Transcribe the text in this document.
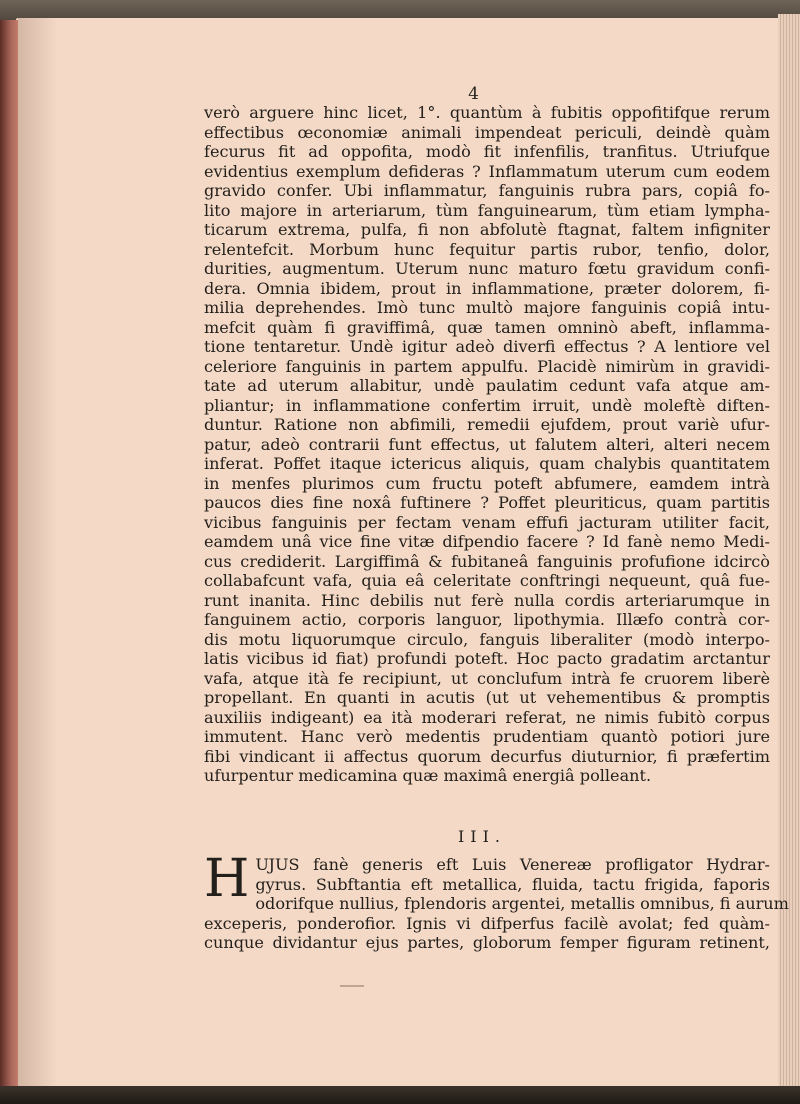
4
verò arguere hinc licet, 1°. quantùm à fubitis oppofitifque rerum
effectibus œconomiæ animali impendeat periculi, deindè quàm
fecurus fit ad oppofita, modò fit infenfilis, tranfitus. Utriufque
evidentius exemplum defideras ? Inflammatum uterum cum eodem
gravido confer. Ubi inflammatur, fanguinis rubra pars, copiâ fo-
lito majore in arteriarum, tùm fanguinearum, tùm etiam lympha-
ticarum extrema, pulfa, fi non abfolutè ftagnat, faltem infigniter
relentefcit. Morbum hunc fequitur partis rubor, tenfio, dolor,
durities, augmentum. Uterum nunc maturo fœtu gravidum confi-
dera. Omnia ibidem, prout in inflammatione, præter dolorem, fi-
milia deprehendes. Imò tunc multò majore fanguinis copiâ intu-
mefcit quàm fi graviffimâ, quæ tamen omninò abeft, inflamma-
tione tentaretur. Undè igitur adeò diverfi effectus ? A lentiore vel
celeriore fanguinis in partem appulfu. Placidè nimirùm in gravidi-
tate ad uterum allabitur, undè paulatim cedunt vafa atque am-
pliantur; in inflammatione confertim irruit, undè moleftè diften-
duntur. Ratione non abfimili, remedii ejufdem, prout variè ufur-
patur, adeò contrarii funt effectus, ut falutem alteri, alteri necem
inferat. Poffet itaque ictericus aliquis, quam chalybis quantitatem
in menfes plurimos cum fructu poteft abfumere, eamdem intrà
paucos dies fine noxâ fuftinere ? Poffet pleuriticus, quam partitis
vicibus fanguinis per fectam venam effufi jacturam utiliter facit,
eamdem unâ vice fine vitæ difpendio facere ? Id fanè nemo Medi-
cus crediderit. Largiffimâ & fubitaneâ fanguinis profufione idcircò
collabafcunt vafa, quia eâ celeritate conftringi nequeunt, quâ fue-
runt inanita. Hinc debilis nut ferè nulla cordis arteriarumque in
fanguinem actio, corporis languor, lipothymia. Illæfo contrà cor-
dis motu liquorumque circulo, fanguis liberaliter (modò interpo-
latis vicibus id fiat) profundi poteft. Hoc pacto gradatim arctantur
vafa, atque ità fe recipiunt, ut conclufum intrà fe cruorem liberè
propellant. En quanti in acutis (ut ut vehementibus & promptis
auxiliis indigeant) ea ità moderari referat, ne nimis fubitò corpus
immutent. Hanc verò medentis prudentiam quantò potiori jure
fibi vindicant ii affectus quorum decurfus diuturnior, fi præfertim
ufurpentur medicamina quæ maximâ energiâ polleant.
III.
H UJUS fanè generis eft Luis Venereæ profligator Hydrar-
gyrus. Subftantia eft metallica, fluida, tactu frigida, faporis
odorifque nullius, fplendoris argentei, metallis omnibus, fi aurum
exceperis, ponderofior. Ignis vi difperfus facilè avolat; fed quàm-
cunque dividantur ejus partes, globorum femper figuram retinent,
